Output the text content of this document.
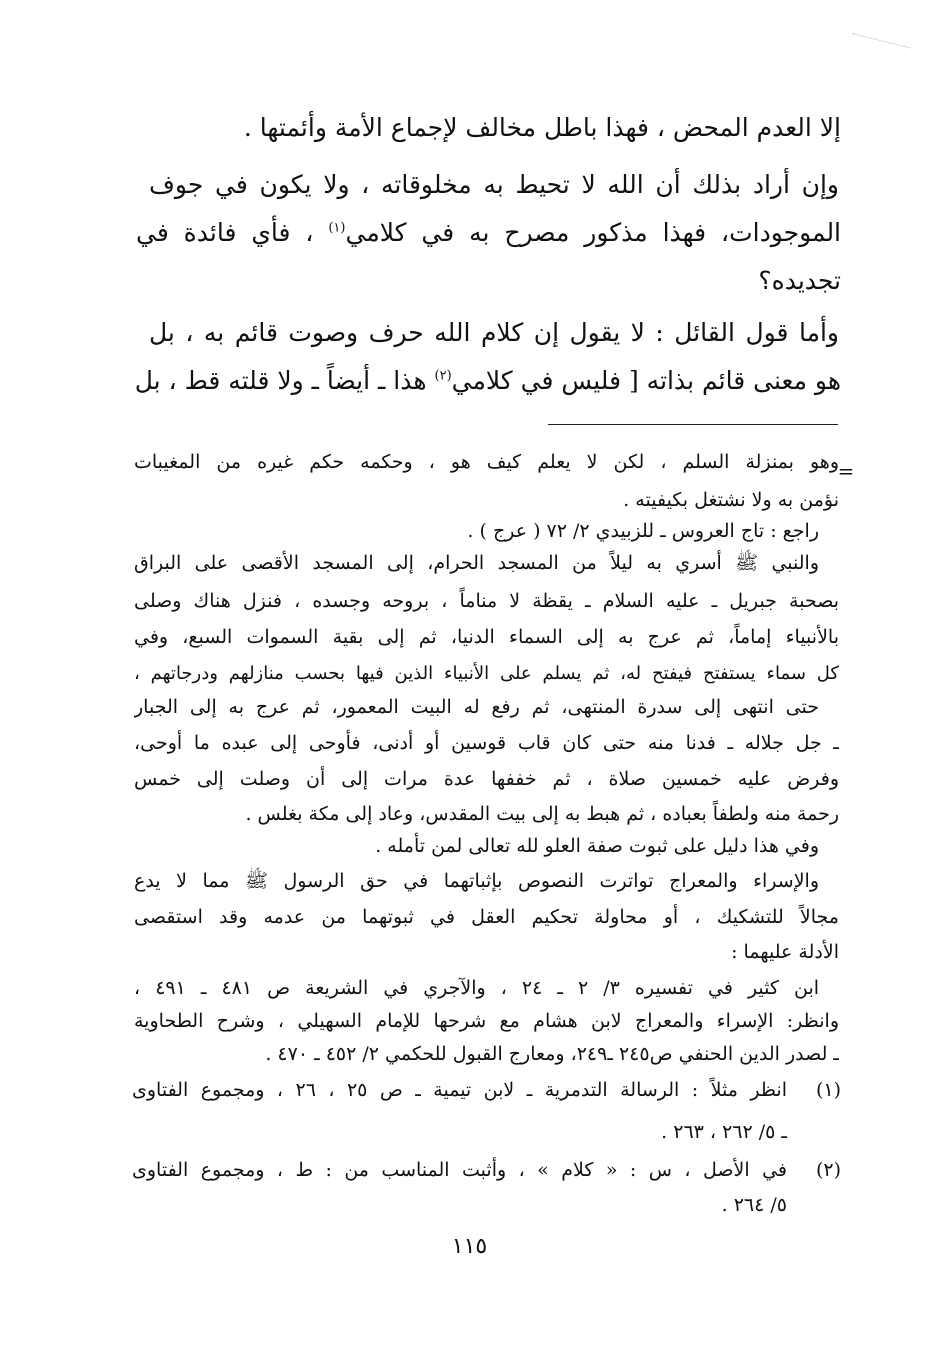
إلا العدم المحض ، فهذا باطل مخالف لإجماع الأمة وأئمتها .
وإن أراد بذلك أن الله لا تحيط به مخلوقاته ، ولا يكون في جوف
الموجودات، فهذا مذكور مصرح به في كلامي$^{(١)}$ ، فأي فائدة في
تجديده؟
وأما قول القائل : لا يقول إن كلام الله حرف وصوت قائم به ، بل
هو معنى قائم بذاته [ فليس في كلامي$^{(٢)}$ هذا ـ أيضاً ـ ولا قلته قط ، بل
=
وهو بمنزلة السلم ، لكن لا يعلم كيف هو ، وحكمه حكم غيره من المغيبات
نؤمن به ولا نشتغل بكيفيته .
راجع : تاج العروس ـ للزبيدي ٢/ ٧٢ ( عرج ) .
والنبي ﷺ أسري به ليلاً من المسجد الحرام، إلى المسجد الأقصى على البراق
بصحبة جبريل ـ عليه السلام ـ يقظة لا مناماً ، بروحه وجسده ، فنزل هناك وصلى
بالأنبياء إماماً، ثم عرج به إلى السماء الدنيا، ثم إلى بقية السموات السبع، وفي
كل سماء يستفتح فيفتح له، ثم يسلم على الأنبياء الذين فيها بحسب منازلهم ودرجاتهم ،
حتى انتهى إلى سدرة المنتهى، ثم رفع له البيت المعمور، ثم عرج به إلى الجبار
ـ جل جلاله ـ فدنا منه حتى كان قاب قوسين أو أدنى، فأوحى إلى عبده ما أوحى،
وفرض عليه خمسين صلاة ، ثم خففها عدة مرات إلى أن وصلت إلى خمس
رحمة منه ولطفاً بعباده ، ثم هبط به إلى بيت المقدس، وعاد إلى مكة بغلس .
وفي هذا دليل على ثبوت صفة العلو لله تعالى لمن تأمله .
والإسراء والمعراج تواترت النصوص بإثباتهما في حق الرسول ﷺ مما لا يدع
مجالاً للتشكيك ، أو محاولة تحكيم العقل في ثبوتهما من عدمه وقد استقصى
الأدلة عليهما :
ابن كثير في تفسيره ٣/ ٢ ـ ٢٤ ، والآجري في الشريعة ص ٤٨١ ـ ٤٩١ ،
وانظر: الإسراء والمعراج لابن هشام مع شرحها للإمام السهيلي ، وشرح الطحاوية
ـ لصدر الدين الحنفي ص٢٤٥ ـ٢٤٩، ومعارج القبول للحكمي ٢/ ٤٥٢ ـ ٤٧٠ .
(١)
انظر مثلاً : الرسالة التدمرية ـ لابن تيمية ـ ص ٢٥ ، ٢٦ ، ومجموع الفتاوى
ـ ٥/ ٢٦٢ ، ٢٦٣ .
(٢)
في الأصل ، س : « كلام » ، وأثبت المناسب من : ط ، ومجموع الفتاوى
٥/ ٢٦٤ .
١١٥
